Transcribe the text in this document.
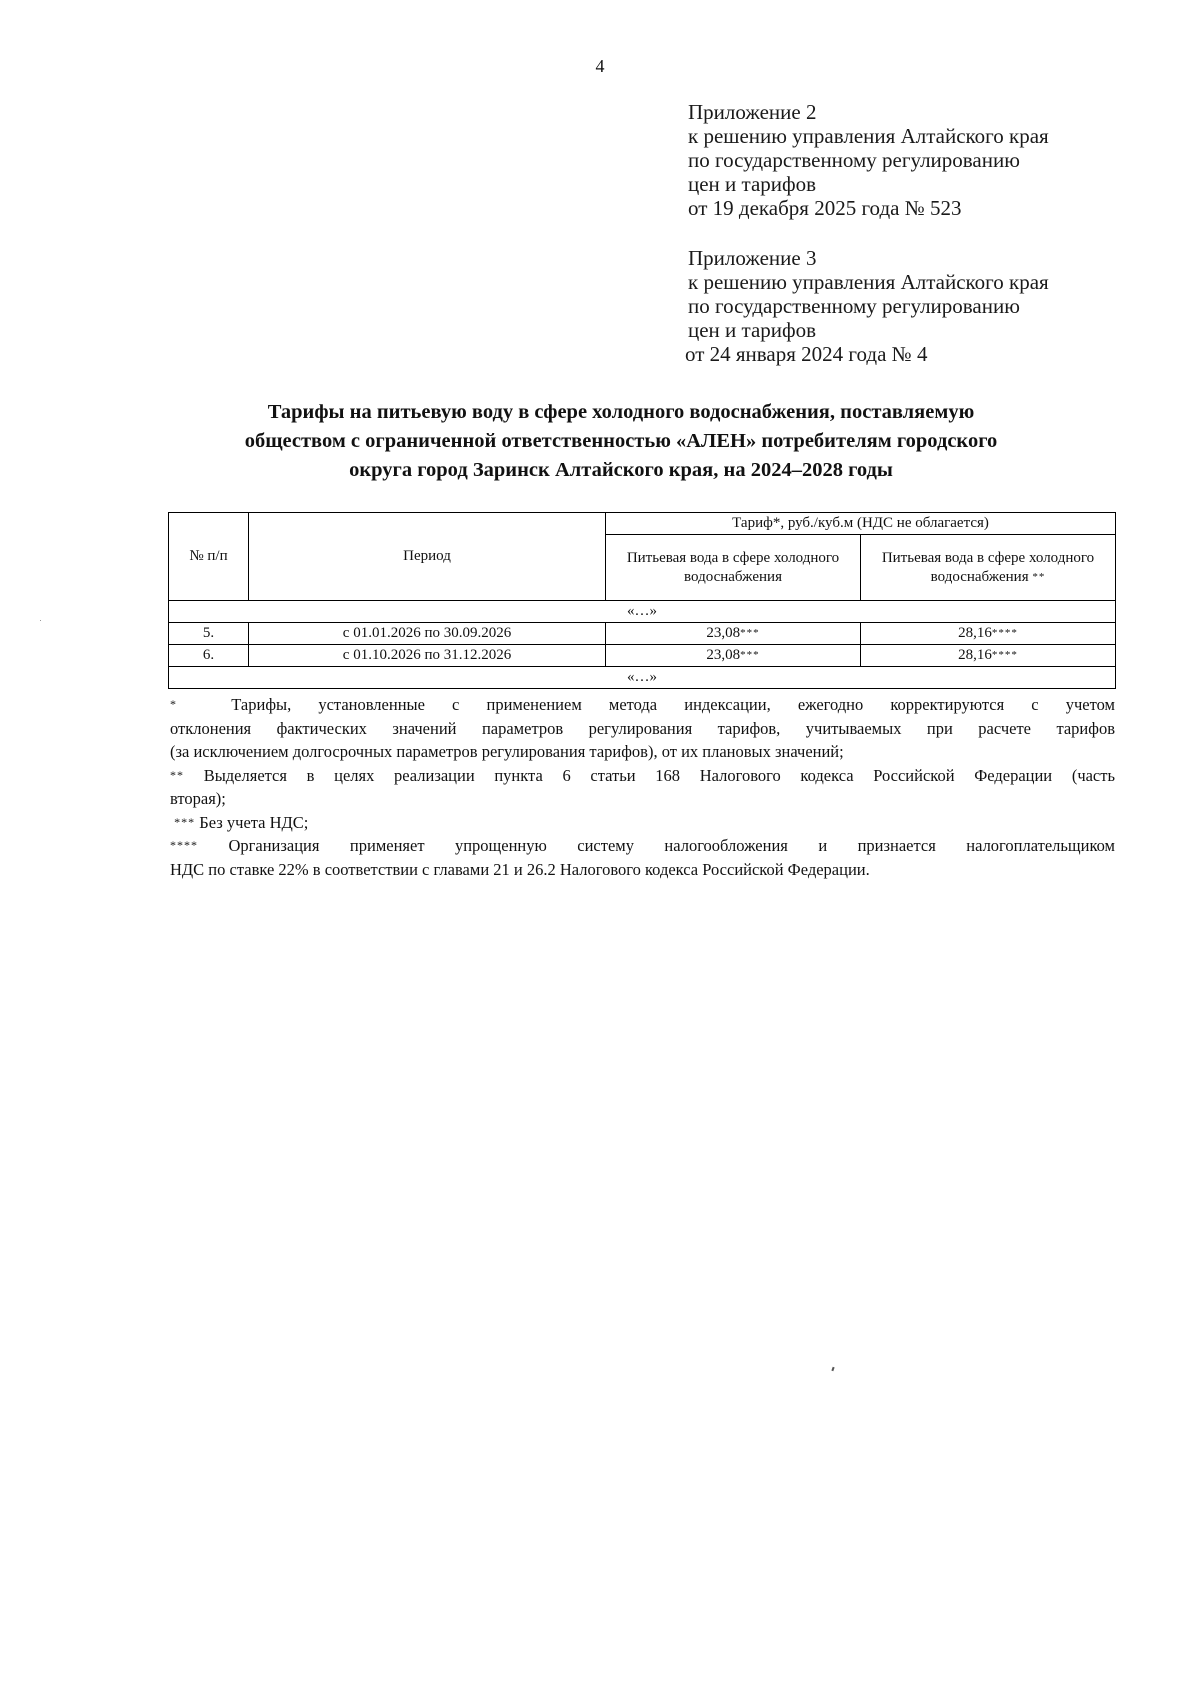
4
Приложение 2
к решению управления Алтайского края
по государственному регулированию
цен и тарифов
от 19 декабря 2025 года № 523
Приложение 3
к решению управления Алтайского края
по государственному регулированию
цен и тарифов
от 24 января 2024 года № 4
Тарифы на питьевую воду в сфере холодного водоснабжения, поставляемую
обществом с ограниченной ответственностью «АЛЕН» потребителям городского
округа город Заринск Алтайского края, на 2024–2028 годы
№ п/п	Период	Тариф*, руб./куб.м (НДС не облагается)	
		Питьевая вода в сфере холодного водоснабжения	Питьевая вода в сфере холодного водоснабжения **
«…»			
5.	с 01.01.2026 по 30.09.2026	23,08***	28,16****
6.	с 01.10.2026 по 31.12.2026	23,08***	28,16****
«…»			

*	Тарифы, установленные с применением метода индексации, ежегодно корректируются с учетом

отклонения фактических значений параметров регулирования тарифов, учитываемых при расчете тарифов

(за исключением долгосрочных параметров регулирования тарифов), от их плановых значений;

** Выделяется в целях реализации пункта 6 статьи 168 Налогового кодекса Российской Федерации (часть

вторая);

*** Без учета НДС;

**** Организация применяет упрощенную систему налогообложения и признается налогоплательщиком

НДС по ставке 22% в соответствии с главами 21 и 26.2 Налогового кодекса Российской Федерации.
